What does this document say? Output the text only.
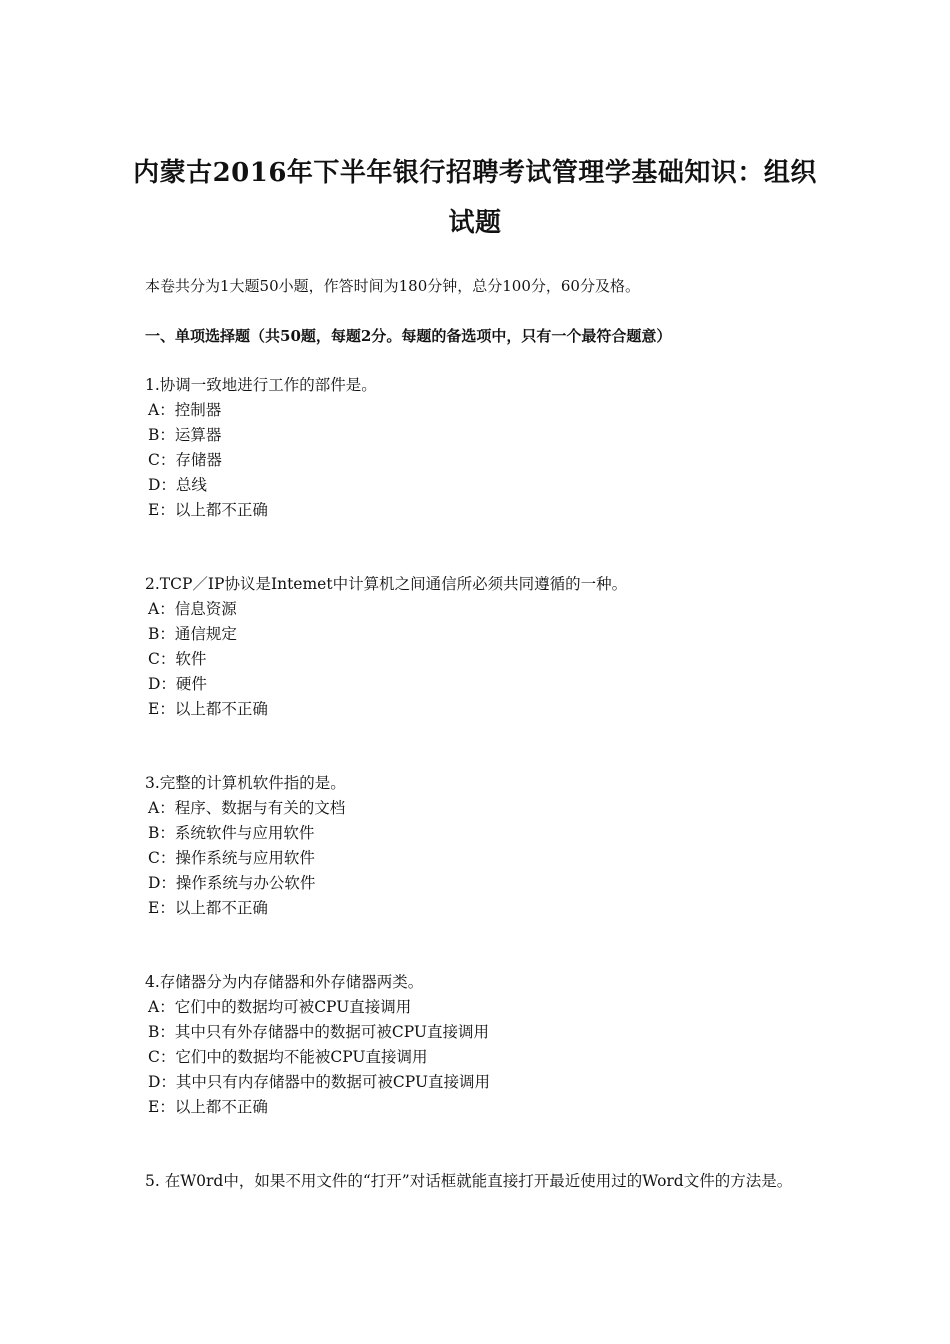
内蒙古2016年下半年银行招聘考试管理学基础知识：组织试题
本卷共分为1大题50小题，作答时间为180分钟，总分100分，60分及格。
一、单项选择题（共50题，每题2分。每题的备选项中，只有一个最符合题意）
1.协调一致地进行工作的部件是。
A：控制器
B：运算器
C：存储器
D：总线
E：以上都不正确
2.TCP／IP协议是Intemet中计算机之间通信所必须共同遵循的一种。
A：信息资源
B：通信规定
C：软件
D：硬件
E：以上都不正确
3.完整的计算机软件指的是。
A：程序、数据与有关的文档
B：系统软件与应用软件
C：操作系统与应用软件
D：操作系统与办公软件
E：以上都不正确
4.存储器分为内存储器和外存储器两类。
A：它们中的数据均可被CPU直接调用
B：其中只有外存储器中的数据可被CPU直接调用
C：它们中的数据均不能被CPU直接调用
D：其中只有内存储器中的数据可被CPU直接调用
E：以上都不正确
5. 在W0rd中，如果不用文件的“打开”对话框就能直接打开最近使用过的Word文件的方法是。
